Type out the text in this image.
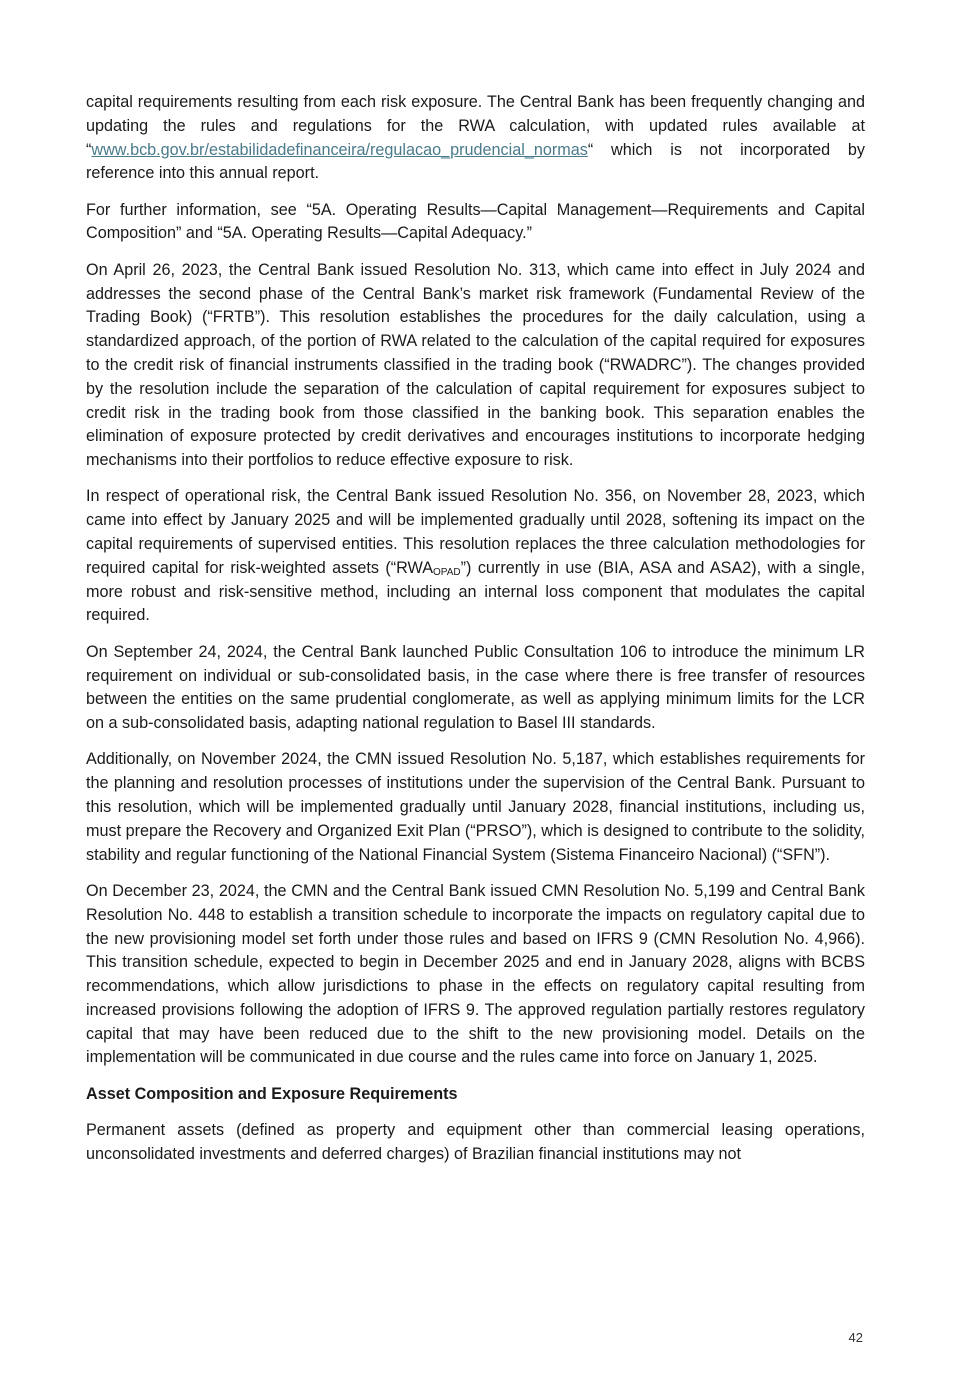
capital requirements resulting from each risk exposure. The Central Bank has been frequently changing and updating the rules and regulations for the RWA calculation, with updated rules available at “www.bcb.gov.br/estabilidadefinanceira/regulacao_prudencial_normas“ which is not incorporated by reference into this annual report.

For further information, see “5A. Operating Results—Capital Management—Requirements and Capital Composition” and “5A. Operating Results—Capital Adequacy.”

On April 26, 2023, the Central Bank issued Resolution No. 313, which came into effect in July 2024 and addresses the second phase of the Central Bank’s market risk framework (Fundamental Review of the Trading Book) (“FRTB”). This resolution establishes the procedures for the daily calculation, using a standardized approach, of the portion of RWA related to the calculation of the capital required for exposures to the credit risk of financial instruments classified in the trading book (“RWADRC”). The changes provided by the resolution include the separation of the calculation of capital requirement for exposures subject to credit risk in the trading book from those classified in the banking book. This separation enables the elimination of exposure protected by credit derivatives and encourages institutions to incorporate hedging mechanisms into their portfolios to reduce effective exposure to risk.

In respect of operational risk, the Central Bank issued Resolution No. 356, on November 28, 2023, which came into effect by January 2025 and will be implemented gradually until 2028, softening its impact on the capital requirements of supervised entities. This resolution replaces the three calculation methodologies for required capital for risk-weighted assets $(“RWA_{OPAD}”)$ currently in use (BIA, ASA and ASA2), with a single, more robust and risk-sensitive method, including an internal loss component that modulates the capital required.

On September 24, 2024, the Central Bank launched Public Consultation 106 to introduce the minimum LR requirement on individual or sub-consolidated basis, in the case where there is free transfer of resources between the entities on the same prudential conglomerate, as well as applying minimum limits for the LCR on a sub-consolidated basis, adapting national regulation to Basel III standards.

Additionally, on November 2024, the CMN issued Resolution No. 5,187, which establishes requirements for the planning and resolution processes of institutions under the supervision of the Central Bank. Pursuant to this resolution, which will be implemented gradually until January 2028, financial institutions, including us, must prepare the Recovery and Organized Exit Plan (“PRSO”), which is designed to contribute to the solidity, stability and regular functioning of the National Financial System (Sistema Financeiro Nacional) (“SFN”).

On December 23, 2024, the CMN and the Central Bank issued CMN Resolution No. 5,199 and Central Bank Resolution No. 448 to establish a transition schedule to incorporate the impacts on regulatory capital due to the new provisioning model set forth under those rules and based on IFRS 9 (CMN Resolution No. 4,966). This transition schedule, expected to begin in December 2025 and end in January 2028, aligns with BCBS recommendations, which allow jurisdictions to phase in the effects on regulatory capital resulting from increased provisions following the adoption of IFRS 9. The approved regulation partially restores regulatory capital that may have been reduced due to the shift to the new provisioning model. Details on the implementation will be communicated in due course and the rules came into force on January 1, 2025.

Asset Composition and Exposure Requirements

Permanent assets (defined as property and equipment other than commercial leasing operations, unconsolidated investments and deferred charges) of Brazilian financial institutions may not

42
